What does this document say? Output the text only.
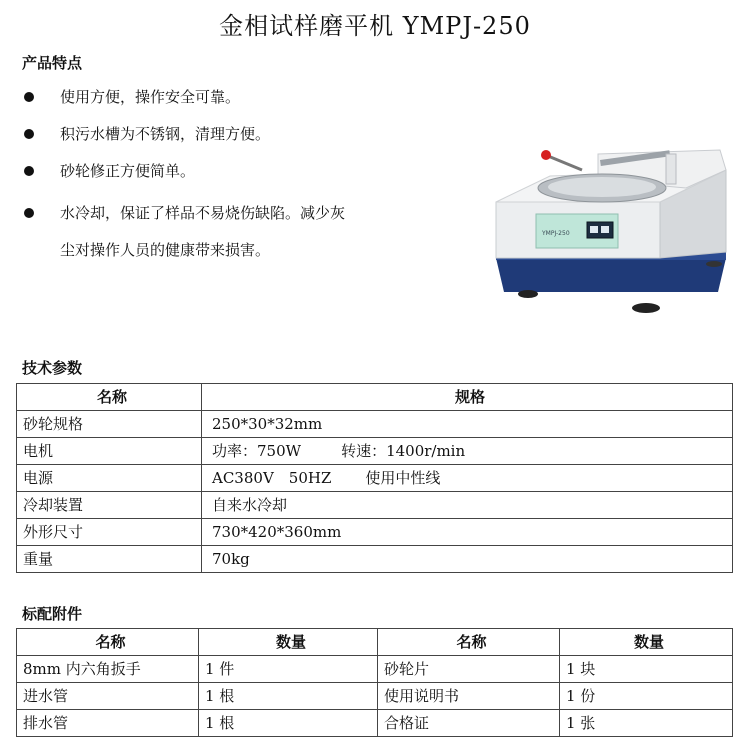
金相试样磨平机 YMPJ-250
产品特点
使用方便，操作安全可靠。
积污水槽为不锈钢，清理方便。
砂轮修正方便简单。
水冷却，保证了样品不易烧伤缺陷。减少灰
尘对操作人员的健康带来损害。
YMPJ-250
技术参数
名称	规格
砂轮规格	250*30*32mm
电机	功率：750W 转速：1400r/min
电源	AC380V　50HZ 使用中性线
冷却装置	自来水冷却
外形尺寸	730*420*360mm
重量	70kg
标配附件
名称	数量	名称	数量
8mm 内六角扳手	1 件	砂轮片	1 块
进水管	1 根	使用说明书	1 份
排水管	1 根	合格证	1 张
